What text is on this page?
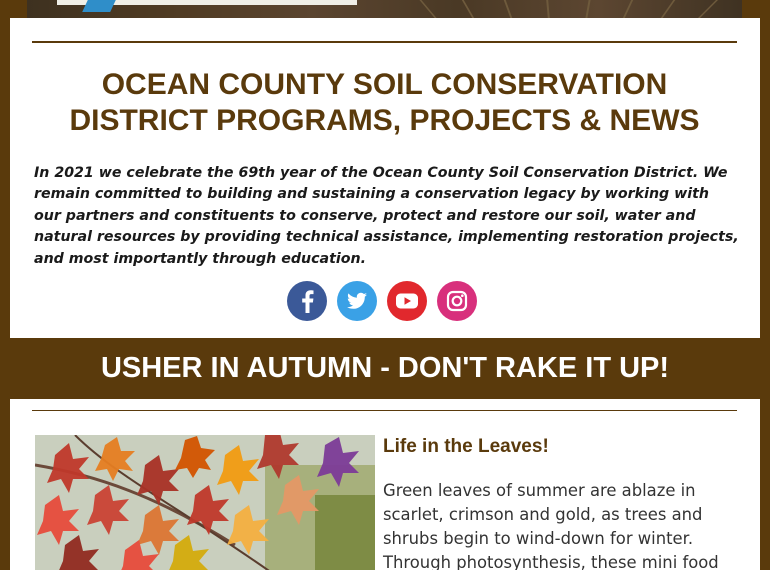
OCEAN COUNTY SOIL CONSERVATION DISTRICT PROGRAMS, PROJECTS & NEWS

In 2021 we celebrate the 69th year of the Ocean County Soil Conservation District. We remain committed to building and sustaining a conservation legacy by working with our partners and constituents to conserve, protect and restore our soil, water and natural resources by providing technical assistance, implementing restoration projects, and most importantly through education.

USHER IN AUTUMN - DON'T RAKE IT UP!
Life in the Leaves!

Green leaves of summer are ablaze in scarlet, crimson and gold, as trees and shrubs begin to wind-down for winter. Through photosynthesis, these mini food
